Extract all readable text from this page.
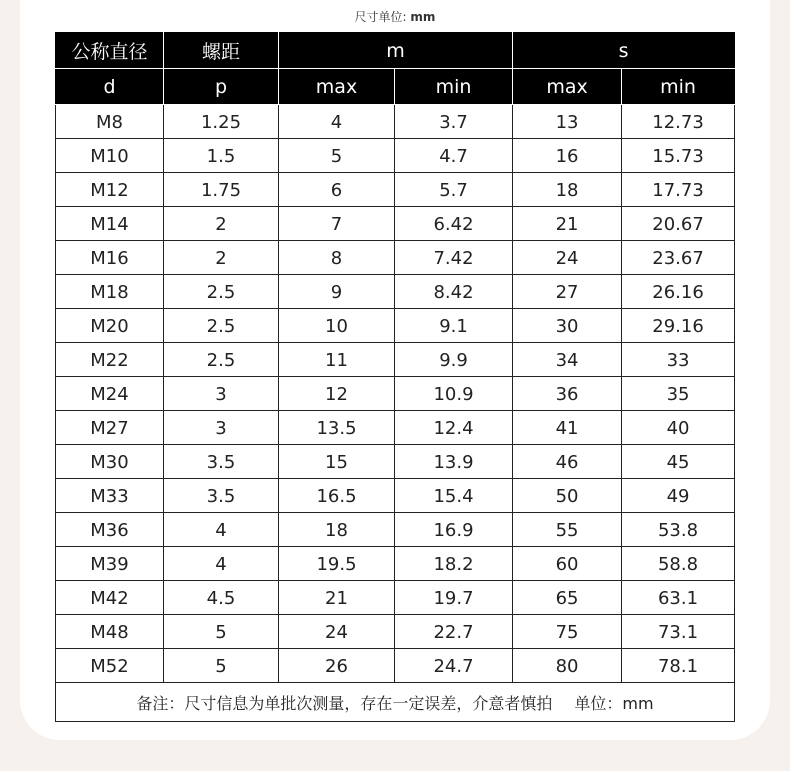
尺寸单位: mm
公称直径	螺距	m		s	
d	p	max	min	max	min
M8	1.25	4	3.7	13	12.73
M10	1.5	5	4.7	16	15.73
M12	1.75	6	5.7	18	17.73
M14	2	7	6.42	21	20.67
M16	2	8	7.42	24	23.67
M18	2.5	9	8.42	27	26.16
M20	2.5	10	9.1	30	29.16
M22	2.5	11	9.9	34	33
M24	3	12	10.9	36	35
M27	3	13.5	12.4	41	40
M30	3.5	15	13.9	46	45
M33	3.5	16.5	15.4	50	49
M36	4	18	16.9	55	53.8
M39	4	19.5	18.2	60	58.8
M42	4.5	21	19.7	65	63.1
M48	5	24	22.7	75	73.1
M52	5	26	24.7	80	78.1
备注：尺寸信息为单批次测量，存在一定误差，介意者慎拍 单位：mm					
